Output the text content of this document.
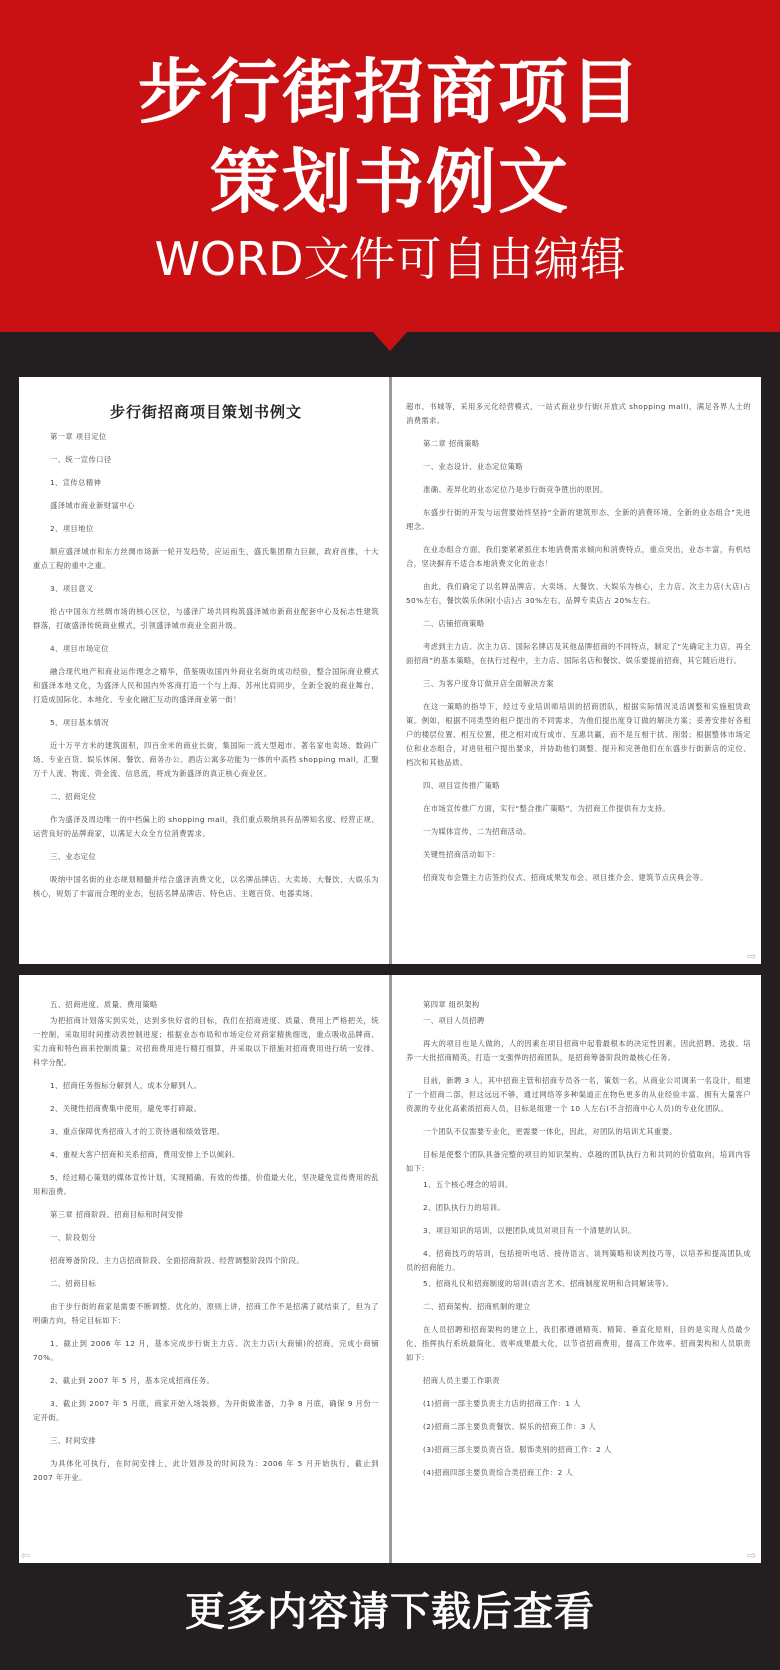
步行街招商项目
策划书例文
WORD文件可自由编辑
步行街招商项目策划书例文
第一章 项目定位
一、统一宣传口径
1、宣传总精神
盛泽城市商业新财富中心
2、项目地位
顺应盛泽城市和东方丝绸市场新一轮开发趋势，应运而生，盛氏集团鼎力巨献，政府首推，十大重点工程的重中之重。
3、项目意义
抢占中国东方丝绸市场的核心区位，与盛泽广场共同构筑盛泽城市新商业配套中心及标志性建筑群落，打破盛泽传统商业模式，引领盛泽城市商业全面升级。
4、项目市场定位
融合现代地产和商业运作理念之精华，借鉴吸收国内外商业名街的成功经验，整合国际商业模式和盛泽本地文化，为盛泽人民和国内外客商打造一个与上海、苏州比肩同步，全新全貌的商业舞台，打造成国际化、本地化、专业化融汇互动的盛泽商业第一街！
5、项目基本情况
近十万平方米的建筑面积，四百余米的商业长街，集国际一流大型超市、著名家电卖场、数码广场、专业百货、娱乐休闲、餐饮、商务办公、酒店公寓多功能为一体的中高档 shopping mall，汇聚万千人流、物流、资金流、信息流，将成为新盛泽的真正核心商业区。
二、招商定位
作为盛泽及周边唯一的中档偏上的 shopping mall，我们重点吸纳具有品牌知名度、经营正规、运营良好的品牌商家，以满足大众全方位消费需求。
三、业态定位
吸纳中国名街的业态规划精髓并结合盛泽消费文化，以名牌品牌店、大卖场、大餐饮、大娱乐为核心，规划了丰富而合理的业态，包括名牌品牌店、特色店、主题百货、电器卖场、
超市、书城等，采用多元化经营模式，一站式商业步行街(开放式 shopping mall)，满足各界人士的消费需求。
第二章 招商策略
一、业态设计、业态定位策略
准确、差异化的业态定位乃是步行街竞争胜出的原因。
东盛步行街的开发与运营要始终坚持“全新的建筑形态、全新的消费环境、全新的业态组合”先进理念。
在业态组合方面，我们要紧紧抓住本地消费需求倾向和消费特点，重点突出，业态丰富，有机结合，坚决摒弃不适合本地消费文化的业态！
由此，我们确定了以名牌品牌店、大卖场、大餐饮、大娱乐为核心，主力店、次主力店(大店)占 50%左右，餐饮娱乐休闲(小店)占 30%左右，品牌专卖店占 20%左右。
二、店铺招商策略
考虑到主力店、次主力店、国际名牌店及其他品牌招商的不同特点，制定了“先确定主力店，再全面招商”的基本策略，在执行过程中，主力店、国际名店和餐饮、娱乐要提前招商，其它随后进行。
三、为客户度身订做开店全面解决方案
在这一策略的指导下，经过专业培训师培训的招商团队，根据实际情况灵活调整和实施租赁政策。例如，根据不同类型的租户提出的不同需求，为他们提出度身订做的解决方案；妥善安排好各租户的楼层位置、相互位置，使之相对成行成市、互惠共赢，而不是互相干扰、削弱；根据整体市场定位和业态组合，对进驻租户提出要求，并协助他们调整、提升和完善他们在东盛步行街新店的定位、档次和其他品质。
四、项目宣传推广策略
在市场宣传推广方面，实行“整合推广策略”，为招商工作提供有力支持。
一为媒体宣传，二为招商活动。
关键性招商活动如下：
招商发布会暨主力店签约仪式、招商成果发布会、项目推介会、建筑节点庆典会等。
⇨
五、招商进度、质量、费用策略
为把招商计划落实到实处，达到多快好省的目标，我们在招商进度、质量、费用上严格把关，统一控制，采取用时间推动表控制进度；根据业态布局和市场定位对商家精挑细选，重点吸收品牌商、实力商和特色商来控制质量；对招商费用进行精打细算，并采取以下措施对招商费用进行统一安排、科学分配。
1、招商任务指标分解到人，成本分解到人。
2、关键性招商费集中使用，避免零打碎敲。
3、重点保障优秀招商人才的工资待遇和绩效管理。
4、重视大客户招商和关系招商，费用安排上予以倾斜。
5、经过精心策划的媒体宣传计划，实现精确、有效的传播，价值最大化，坚决避免宣传费用的乱用和浪费。
第三章 招商阶段、招商目标和时间安排
一、阶段划分
招商筹备阶段、主力店招商阶段、全面招商阶段、经营调整阶段四个阶段。
二、招商目标
由于步行街的商家是需要不断调整、优化的，原则上讲，招商工作不是招满了就结束了，但为了明确方向，特定目标如下：
1、截止到 2006 年 12 月，基本完成步行街主力店、次主力店(大商铺)的招商，完成小商铺 70%。
2、截止到 2007 年 5 月，基本完成招商任务。
3、截止到 2007 年 5 月底，商家开始入场装修，为开街做准备，力争 8 月底，确保 9 月份一定开街。
三、时间安排
为具体化可执行，在时间安排上，此计划涉及的时间段为：2006 年 5 月开始执行，截止到 2007 年开业。
⇦
第四章 组织架构
一、项目人员招聘
再大的项目也是人做的，人的因素在项目招商中起着最根本的决定性因素，因此招聘、选拔、培养一大批招商精英，打造一支强悍的招商团队，是招商筹备阶段的最核心任务。
目前，新聘 3 人，其中招商主管和招商专员各一名，策划一名，从商业公司调来一名设计，组建了一个招商二部，但这远远不够，通过网络等多种渠道正在物色更多的从业经验丰富、拥有大量客户资源的专业化高素质招商人员，目标是组建一个 10 人左右(不含招商中心人员)的专业化团队。
一个团队不仅需要专业化，更需要一体化，因此，对团队的培训尤其重要。
目标是使整个团队具备完整的项目的知识架构、卓越的团队执行力和共同的价值取向，培训内容如下：
1、五个核心理念的培训。
2、团队执行力的培训。
3、项目知识的培训，以便团队成员对项目有一个清楚的认识。
4、招商技巧的培训，包括接听电话、接待语言、谈判策略和谈判技巧等，以培养和提高团队成员的招商能力。
5、招商礼仪和招商制度的培训(语言艺术、招商制度说明和合同解读等)。
二、招商架构、招商机制的建立
在人员招聘和招商架构的建立上，我们都遵循精英、精简、垂直化原则，目的是实现人员最少化、指挥执行系统最简化、效率成果最大化，以节省招商费用，提高工作效率。招商架构和人员职责如下：
招商人员主要工作职责
(1)招商一部主要负责主力店的招商工作：1 人
(2)招商二部主要负责餐饮、娱乐的招商工作：3 人
(3)招商三部主要负责百货、服饰类别的招商工作：2 人
(4)招商四部主要负责综合类招商工作：2 人
⇨
更多内容请下载后查看
